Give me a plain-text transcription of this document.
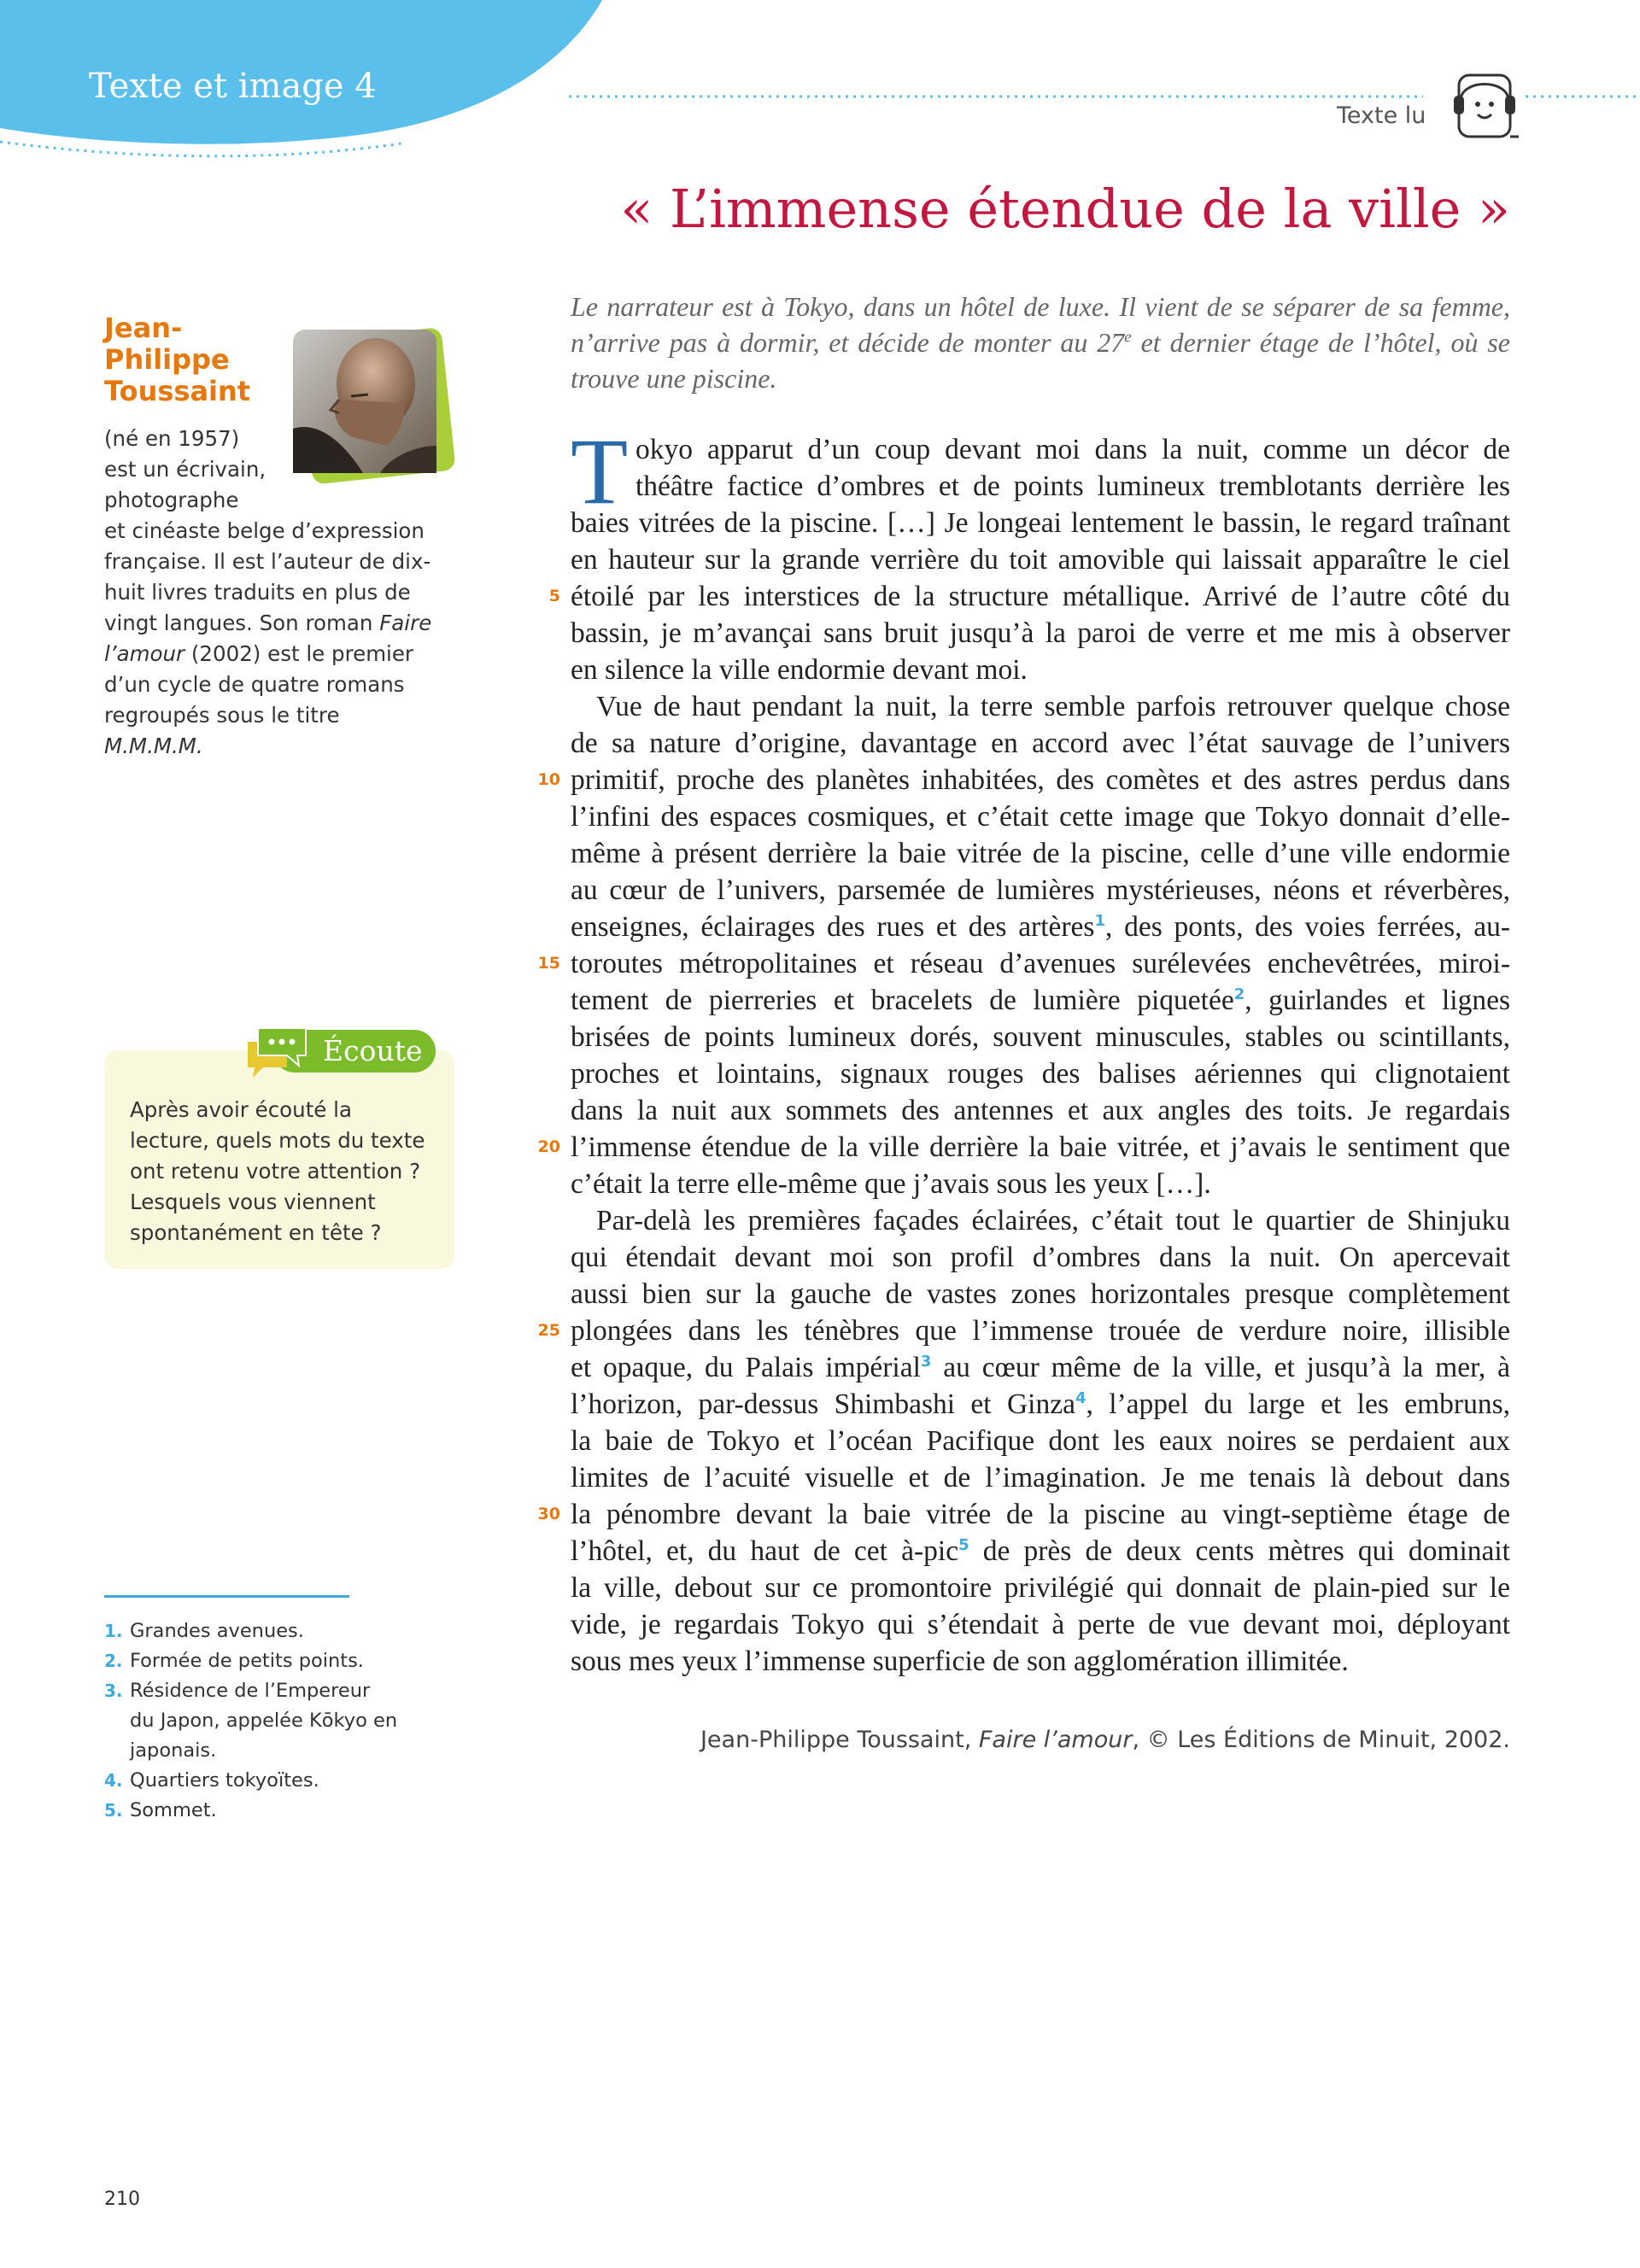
Texte et image 4
Texte lu
« L’immense étendue de la ville »
Jean-
Philippe
Toussaint

(né en 1957)

est un écrivain,

photographe

et cinéaste belge d’expression

française. Il est l’auteur de dix-

huit livres traduits en plus de

vingt langues. Son roman Faire

l’amour (2002) est le premier

d’un cycle de quatre romans

regroupés sous le titre M.M.M.M.

Écoute
Après avoir écouté la
lecture, quels mots du texte
ont retenu votre attention ?
Lesquels vous viennent
spontanément en tête ?
1. Grandes avenues.
2. Formée de petits points.
3. Résidence de l’Empereur
du Japon, appelée Kōkyo en
japonais.
4. Quartiers tokyoïtes.
5. Sommet.
210
Le narrateur est à Tokyo, dans un hôtel de luxe. Il vient de se séparer de sa femme, n’arrive pas à dormir, et décide de monter au 27e et dernier étage de l’hôtel, où se trouve une piscine.
T okyo apparut d’un coup devant moi dans la nuit, comme un décor de
théâtre factice d’ombres et de points lumineux tremblotants derrière les
baies vitrées de la piscine. […] Je longeai lentement le bassin, le regard traînant
en hauteur sur la grande verrière du toit amovible qui laissait apparaître le ciel
5 étoilé par les interstices de la structure métallique. Arrivé de l’autre côté du
bassin, je m’avançai sans bruit jusqu’à la paroi de verre et me mis à observer
en silence la ville endormie devant moi.
Vue de haut pendant la nuit, la terre semble parfois retrouver quelque chose
de sa nature d’origine, davantage en accord avec l’état sauvage de l’univers
10 primitif, proche des planètes inhabitées, des comètes et des astres perdus dans
l’infini des espaces cosmiques, et c’était cette image que Tokyo donnait d’elle-
même à présent derrière la baie vitrée de la piscine, celle d’une ville endormie
au cœur de l’univers, parsemée de lumières mystérieuses, néons et réverbères,
enseignes, éclairages des rues et des artères$^1$, des ponts, des voies ferrées, au-
15 toroutes métropolitaines et réseau d’avenues surélevées enchevêtrées, miroi-
tement de pierreries et bracelets de lumière piquetée$^2$, guirlandes et lignes
brisées de points lumineux dorés, souvent minuscules, stables ou scintillants,
proches et lointains, signaux rouges des balises aériennes qui clignotaient
dans la nuit aux sommets des antennes et aux angles des toits. Je regardais
20 l’immense étendue de la ville derrière la baie vitrée, et j’avais le sentiment que
c’était la terre elle-même que j’avais sous les yeux […].
Par-delà les premières façades éclairées, c’était tout le quartier de Shinjuku
qui étendait devant moi son profil d’ombres dans la nuit. On apercevait
aussi bien sur la gauche de vastes zones horizontales presque complètement
25 plongées dans les ténèbres que l’immense trouée de verdure noire, illisible
et opaque, du Palais impérial$^3$ au cœur même de la ville, et jusqu’à la mer, à
l’horizon, par-dessus Shimbashi et Ginza$^4$, l’appel du large et les embruns,
la baie de Tokyo et l’océan Pacifique dont les eaux noires se perdaient aux
limites de l’acuité visuelle et de l’imagination. Je me tenais là debout dans
30 la pénombre devant la baie vitrée de la piscine au vingt-septième étage de
l’hôtel, et, du haut de cet à-pic$^5$ de près de deux cents mètres qui dominait
la ville, debout sur ce promontoire privilégié qui donnait de plain-pied sur le
vide, je regardais Tokyo qui s’étendait à perte de vue devant moi, déployant
sous mes yeux l’immense superficie de son agglomération illimitée.
Jean-Philippe Toussaint, Faire l’amour, © Les Éditions de Minuit, 2002.
